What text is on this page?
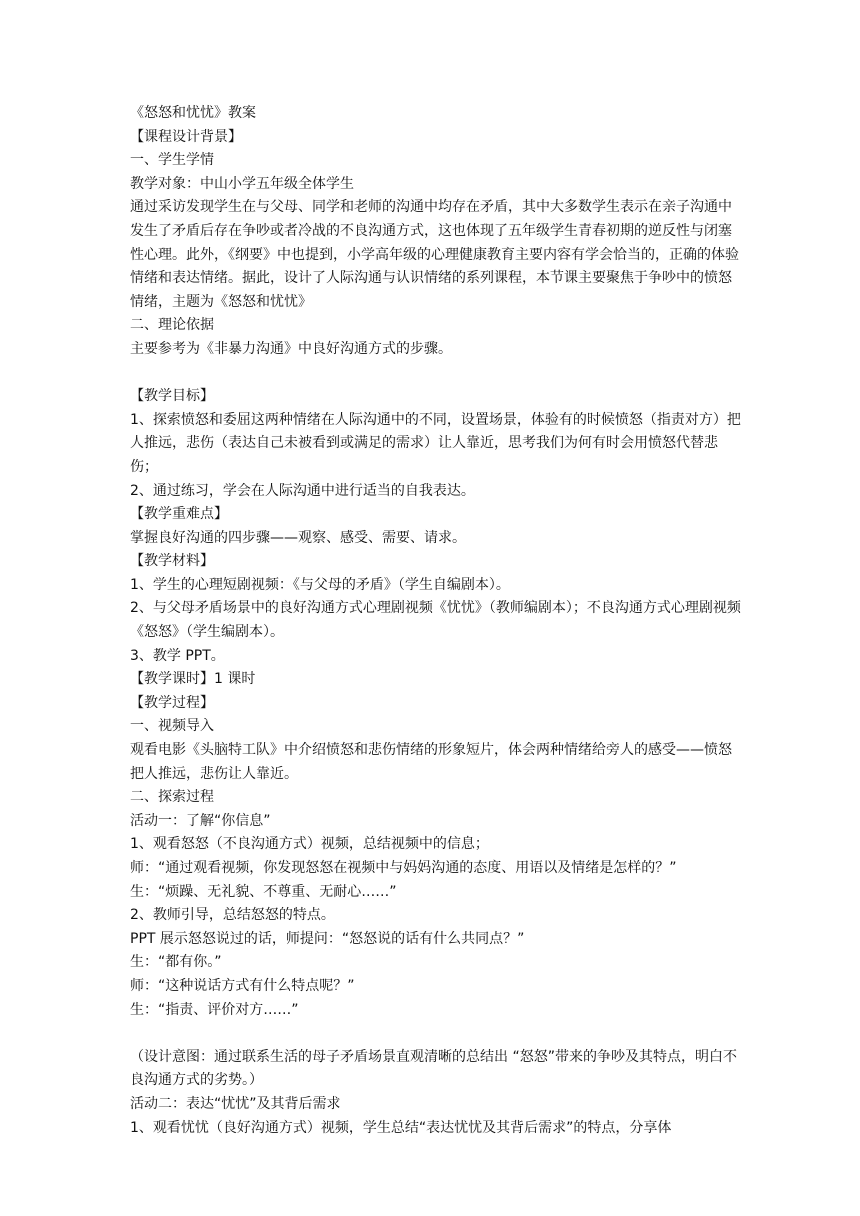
《怒怒和忧忧》教案

【课程设计背景】

一、学生学情

教学对象：中山小学五年级全体学生

通过采访发现学生在与父母、同学和老师的沟通中均存在矛盾，其中大多数学生表示在亲子沟通中发生了矛盾后存在争吵或者冷战的不良沟通方式，这也体现了五年级学生青春初期的逆反性与闭塞性心理。此外，《纲要》中也提到，小学高年级的心理健康教育主要内容有学会恰当的，正确的体验情绪和表达情绪。据此，设计了人际沟通与认识情绪的系列课程，本节课主要聚焦于争吵中的愤怒情绪，主题为《怒怒和忧忧》

二、理论依据

主要参考为《非暴力沟通》中良好沟通方式的步骤。

【教学目标】

1、探索愤怒和委屈这两种情绪在人际沟通中的不同，设置场景，体验有的时候愤怒（指责对方）把人推远，悲伤（表达自己未被看到或满足的需求）让人靠近，思考我们为何有时会用愤怒代替悲伤；

2、通过练习，学会在人际沟通中进行适当的自我表达。

【教学重难点】

掌握良好沟通的四步骤——观察、感受、需要、请求。

【教学材料】

1、学生的心理短剧视频：《与父母的矛盾》（学生自编剧本）。

2、与父母矛盾场景中的良好沟通方式心理剧视频《忧忧》（教师编剧本）；不良沟通方式心理剧视频《怒怒》（学生编剧本）。

3、教学 PPT。

【教学课时】1 课时

【教学过程】

一、视频导入

观看电影《头脑特工队》中介绍愤怒和悲伤情绪的形象短片，体会两种情绪给旁人的感受——愤怒把人推远，悲伤让人靠近。

二、探索过程

活动一：了解“你信息”

1、观看怒怒（不良沟通方式）视频，总结视频中的信息；

师：“通过观看视频，你发现怒怒在视频中与妈妈沟通的态度、用语以及情绪是怎样的？”

生：“烦躁、无礼貌、不尊重、无耐心……”

2、教师引导，总结怒怒的特点。

PPT 展示怒怒说过的话，师提问：“怒怒说的话有什么共同点？”

生：“都有你。”

师：“这种说话方式有什么特点呢？”

生：“指责、评价对方……”

（设计意图：通过联系生活的母子矛盾场景直观清晰的总结出 “怒怒”带来的争吵及其特点，明白不良沟通方式的劣势。）

活动二：表达“忧忧”及其背后需求

1、观看忧忧（良好沟通方式）视频，学生总结“表达忧忧及其背后需求”的特点，分享体
